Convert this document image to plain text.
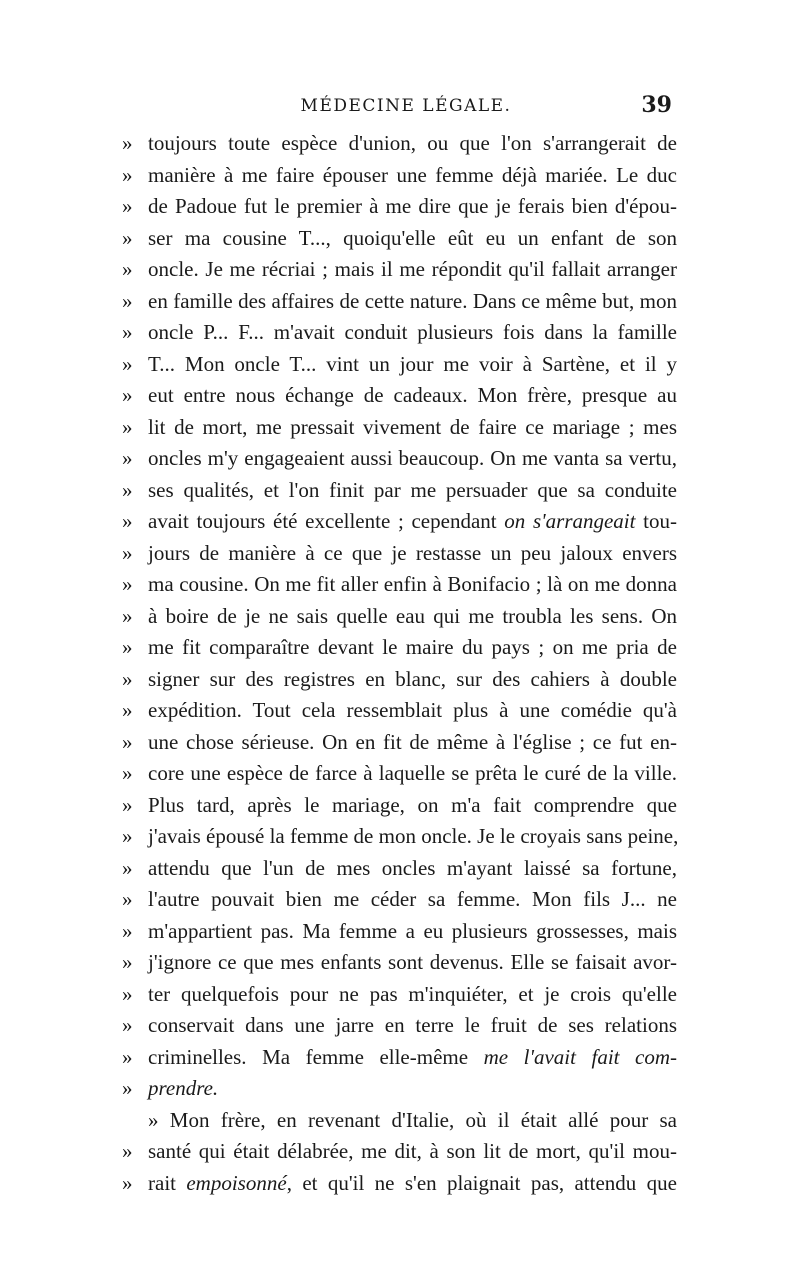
MÉDECINE LÉGALE.	39
» toujours toute espèce d'union, ou que l'on s'arrangerait de
» manière à me faire épouser une femme déjà mariée. Le duc
» de Padoue fut le premier à me dire que je ferais bien d'épou-
» ser ma cousine T..., quoiqu'elle eût eu un enfant de son
» oncle. Je me récriai ; mais il me répondit qu'il fallait arranger
» en famille des affaires de cette nature. Dans ce même but, mon
» oncle P... F... m'avait conduit plusieurs fois dans la famille
» T... Mon oncle T... vint un jour me voir à Sartène, et il y
» eut entre nous échange de cadeaux. Mon frère, presque au
» lit de mort, me pressait vivement de faire ce mariage ; mes
» oncles m'y engageaient aussi beaucoup. On me vanta sa vertu,
» ses qualités, et l'on finit par me persuader que sa conduite
» avait toujours été excellente ; cependant on s'arrangeait tou-
» jours de manière à ce que je restasse un peu jaloux envers
» ma cousine. On me fit aller enfin à Bonifacio ; là on me donna
» à boire de je ne sais quelle eau qui me troubla les sens. On
» me fit comparaître devant le maire du pays ; on me pria de
» signer sur des registres en blanc, sur des cahiers à double
» expédition. Tout cela ressemblait plus à une comédie qu'à
» une chose sérieuse. On en fit de même à l'église ; ce fut en-
» core une espèce de farce à laquelle se prêta le curé de la ville.
» Plus tard, après le mariage, on m'a fait comprendre que
» j'avais épousé la femme de mon oncle. Je le croyais sans peine,
» attendu que l'un de mes oncles m'ayant laissé sa fortune,
» l'autre pouvait bien me céder sa femme. Mon fils J... ne
» m'appartient pas. Ma femme a eu plusieurs grossesses, mais
» j'ignore ce que mes enfants sont devenus. Elle se faisait avor-
» ter quelquefois pour ne pas m'inquiéter, et je crois qu'elle
» conservait dans une jarre en terre le fruit de ses relations
» criminelles. Ma femme elle-même me l'avait fait com-
» prendre.
» Mon frère, en revenant d'Italie, où il était allé pour sa
» santé qui était délabrée, me dit, à son lit de mort, qu'il mou-
» rait empoisonné, et qu'il ne s'en plaignait pas, attendu que
